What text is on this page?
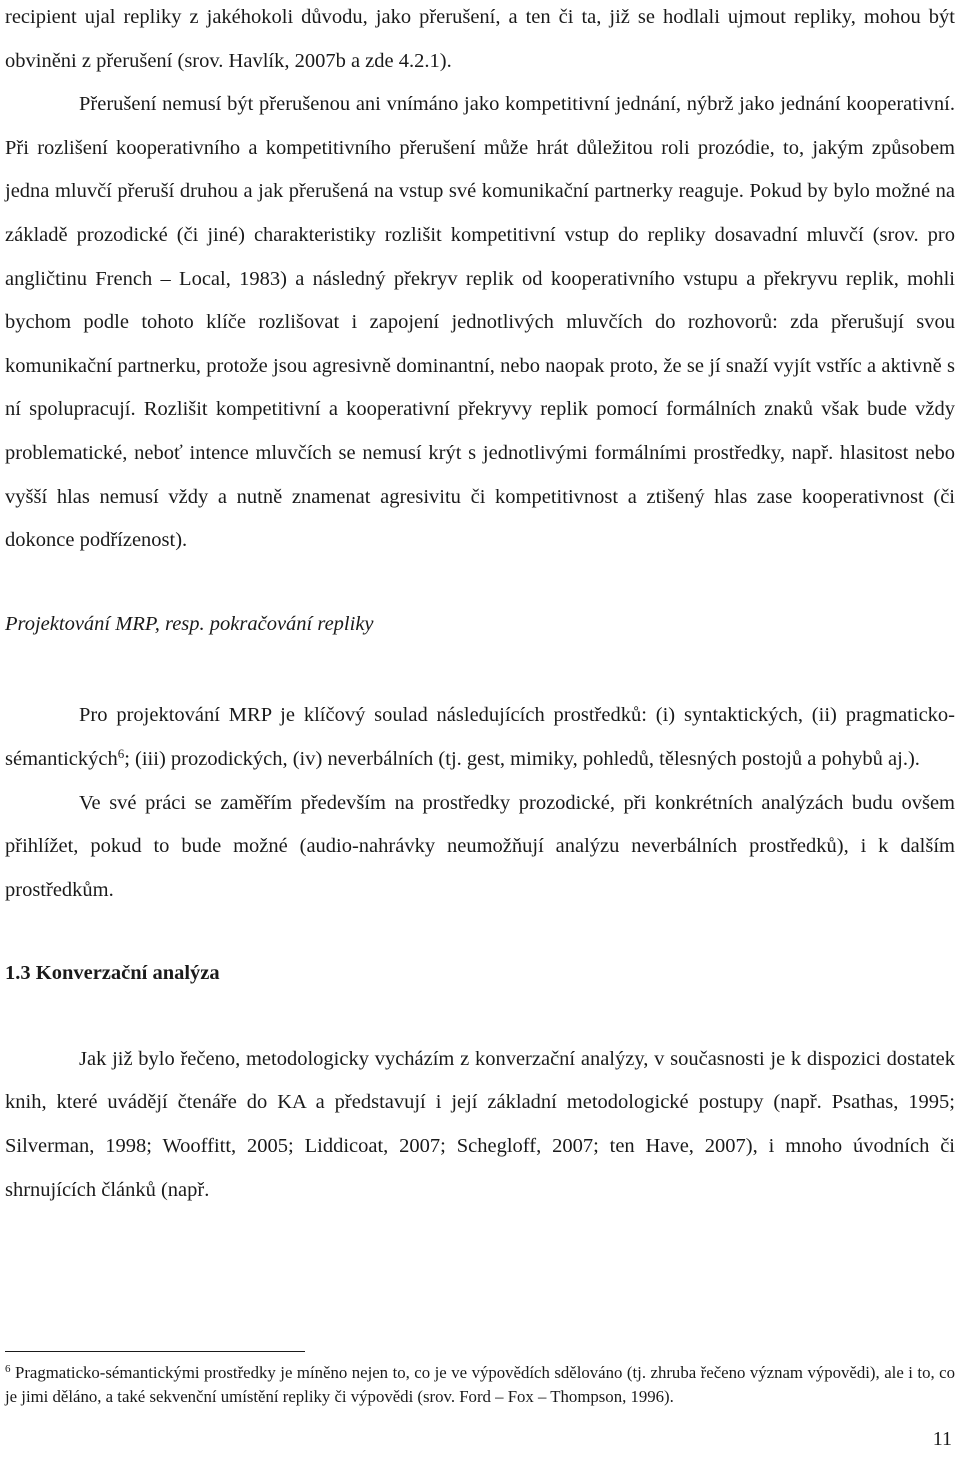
recipient ujal repliky z jakéhokoli důvodu, jako přerušení, a ten či ta, již se hodlali ujmout repliky, mohou být obviněni z přerušení (srov. Havlík, 2007b a zde 4.2.1).

Přerušení nemusí být přerušenou ani vnímáno jako kompetitivní jednání, nýbrž jako jednání kooperativní. Při rozlišení kooperativního a kompetitivního přerušení může hrát důležitou roli prozódie, to, jakým způsobem jedna mluvčí přeruší druhou a jak přerušená na vstup své komunikační partnerky reaguje. Pokud by bylo možné na základě prozodické (či jiné) charakteristiky rozlišit kompetitivní vstup do repliky dosavadní mluvčí (srov. pro angličtinu French – Local, 1983) a následný překryv replik od kooperativního vstupu a překryvu replik, mohli bychom podle tohoto klíče rozlišovat i zapojení jednotlivých mluvčích do rozhovorů: zda přerušují svou komunikační partnerku, protože jsou agresivně dominantní, nebo naopak proto, že se jí snaží vyjít vstříc a aktivně s ní spolupracují. Rozlišit kompetitivní a kooperativní překryvy replik pomocí formálních znaků však bude vždy problematické, neboť intence mluvčích se nemusí krýt s jednotlivými formálními prostředky, např. hlasitost nebo vyšší hlas nemusí vždy a nutně znamenat agresivitu či kompetitivnost a ztišený hlas zase kooperativnost (či dokonce podřízenost).

Projektování MRP, resp. pokračování repliky

Pro projektování MRP je klíčový soulad následujících prostředků: (i) syntaktických, (ii) pragmaticko-sémantických$^6$; (iii) prozodických, (iv) neverbálních (tj. gest, mimiky, pohledů, tělesných postojů a pohybů aj.).

Ve své práci se zaměřím především na prostředky prozodické, při konkrétních analýzách budu ovšem přihlížet, pokud to bude možné (audio-nahrávky neumožňují analýzu neverbálních prostředků), i k dalším prostředkům.

1.3 Konverzační analýza

Jak již bylo řečeno, metodologicky vycházím z konverzační analýzy, v současnosti je k dispozici dostatek knih, které uvádějí čtenáře do KA a představují i její základní metodologické postupy (např. Psathas, 1995; Silverman, 1998; Wooffitt, 2005; Liddicoat, 2007; Schegloff, 2007; ten Have, 2007), i mnoho úvodních či shrnujících článků (např.

$^6$ Pragmaticko-sémantickými prostředky je míněno nejen to, co je ve výpovědích sdělováno (tj. zhruba řečeno význam výpovědi), ale i to, co je jimi děláno, a také sekvenční umístění repliky či výpovědi (srov. Ford – Fox – Thompson, 1996).

11
